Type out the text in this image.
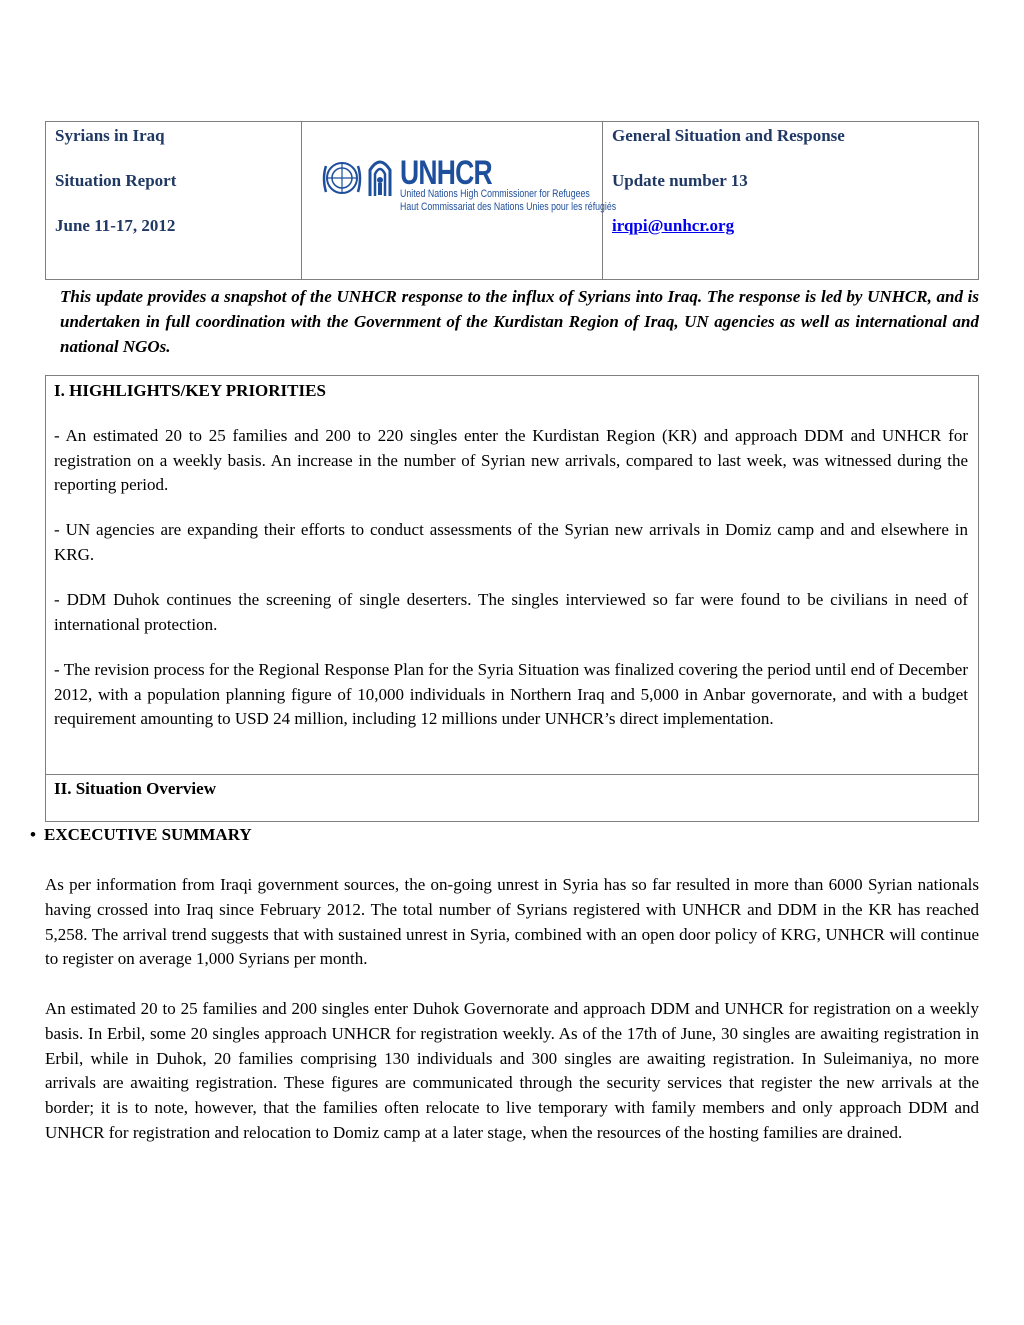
Syrians in Iraq
Situation Report
June 11-17, 2012
UNHCR
United Nations High Commissioner for Refugees
Haut Commissariat des Nations Unies pour les réfugiés
General Situation and Response
Update number 13
irqpi@unhcr.org
This update provides a snapshot of the UNHCR response to the influx of Syrians into Iraq. The response is led by UNHCR, and is undertaken in full coordination with the Government of the Kurdistan Region of Iraq, UN agencies as well as international and national NGOs.
I. HIGHLIGHTS/KEY PRIORITIES
- An estimated 20 to 25 families and 200 to 220 singles enter the Kurdistan Region (KR) and approach DDM and UNHCR for registration on a weekly basis. An increase in the number of Syrian new arrivals, compared to last week, was witnessed during the reporting period.
- UN agencies are expanding their efforts to conduct assessments of the Syrian new arrivals in Domiz camp and and elsewhere in KRG.
- DDM Duhok continues the screening of single deserters. The singles interviewed so far were found to be civilians in need of international protection.
- The revision process for the Regional Response Plan for the Syria Situation was finalized covering the period until end of December 2012, with a population planning figure of 10,000 individuals in Northern Iraq and 5,000 in Anbar governorate, and with a budget requirement amounting to USD 24 million, including 12 millions under UNHCR’s direct implementation.
II. Situation Overview
• EXCECUTIVE SUMMARY
As per information from Iraqi government sources, the on-going unrest in Syria has so far resulted in more than 6000 Syrian nationals having crossed into Iraq since February 2012. The total number of Syrians registered with UNHCR and DDM in the KR has reached 5,258. The arrival trend suggests that with sustained unrest in Syria, combined with an open door policy of KRG, UNHCR will continue to register on average 1,000 Syrians per month.
An estimated 20 to 25 families and 200 singles enter Duhok Governorate and approach DDM and UNHCR for registration on a weekly basis. In Erbil, some 20 singles approach UNHCR for registration weekly. As of the 17th of June, 30 singles are awaiting registration in Erbil, while in Duhok, 20 families comprising 130 individuals and 300 singles are awaiting registration. In Suleimaniya, no more arrivals are awaiting registration. These figures are communicated through the security services that register the new arrivals at the border; it is to note, however, that the families often relocate to live temporary with family members and only approach DDM and UNHCR for registration and relocation to Domiz camp at a later stage, when the resources of the hosting families are drained.
